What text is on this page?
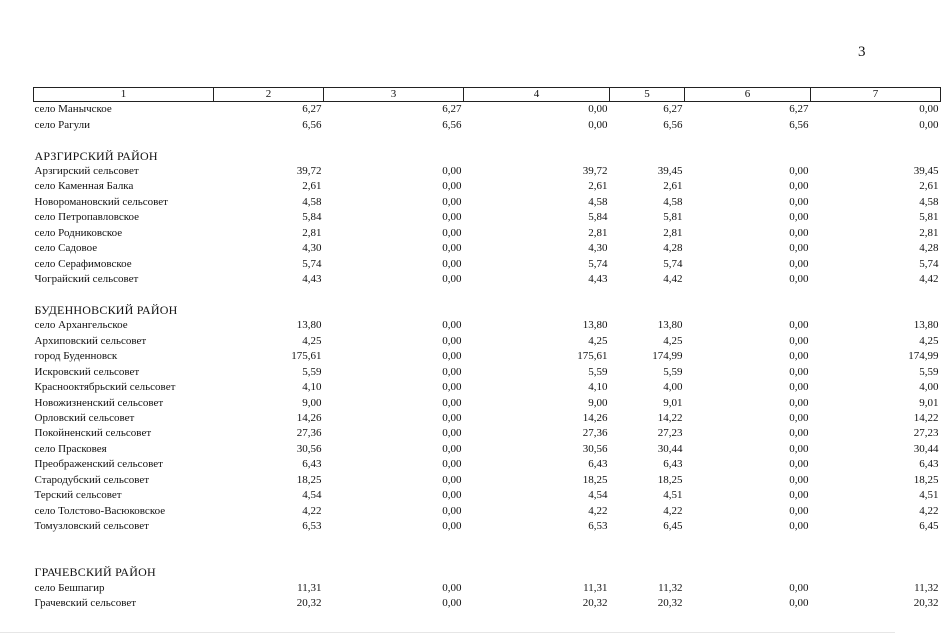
3
1	2	3	4	5	6	7
село Манычское	6,27	6,27	0,00	6,27	6,27	0,00
село Рагули	6,56	6,56	0,00	6,56	6,56	0,00

АРЗГИРСКИЙ РАЙОН						
Арзгирский сельсовет	39,72	0,00	39,72	39,45	0,00	39,45
село Каменная Балка	2,61	0,00	2,61	2,61	0,00	2,61
Новоромановский сельсовет	4,58	0,00	4,58	4,58	0,00	4,58
село Петропавловское	5,84	0,00	5,84	5,81	0,00	5,81
село Родниковское	2,81	0,00	2,81	2,81	0,00	2,81
село Садовое	4,30	0,00	4,30	4,28	0,00	4,28
село Серафимовское	5,74	0,00	5,74	5,74	0,00	5,74
Чограйский сельсовет	4,43	0,00	4,43	4,42	0,00	4,42

БУДЕННОВСКИЙ РАЙОН						
село Архангельское	13,80	0,00	13,80	13,80	0,00	13,80
Архиповский сельсовет	4,25	0,00	4,25	4,25	0,00	4,25
город Буденновск	175,61	0,00	175,61	174,99	0,00	174,99
Искровский сельсовет	5,59	0,00	5,59	5,59	0,00	5,59
Краснооктябрьский сельсовет	4,10	0,00	4,10	4,00	0,00	4,00
Новожизненский сельсовет	9,00	0,00	9,00	9,01	0,00	9,01
Орловский сельсовет	14,26	0,00	14,26	14,22	0,00	14,22
Покойненский сельсовет	27,36	0,00	27,36	27,23	0,00	27,23
село Прасковея	30,56	0,00	30,56	30,44	0,00	30,44
Преображенский сельсовет	6,43	0,00	6,43	6,43	0,00	6,43
Стародубский сельсовет	18,25	0,00	18,25	18,25	0,00	18,25
Терский сельсовет	4,54	0,00	4,54	4,51	0,00	4,51
село Толстово-Васюковское	4,22	0,00	4,22	4,22	0,00	4,22
Томузловский сельсовет	6,53	0,00	6,53	6,45	0,00	6,45

ГРАЧЕВСКИЙ РАЙОН						
село Бешпагир	11,31	0,00	11,31	11,32	0,00	11,32
Грачевский сельсовет	20,32	0,00	20,32	20,32	0,00	20,32
